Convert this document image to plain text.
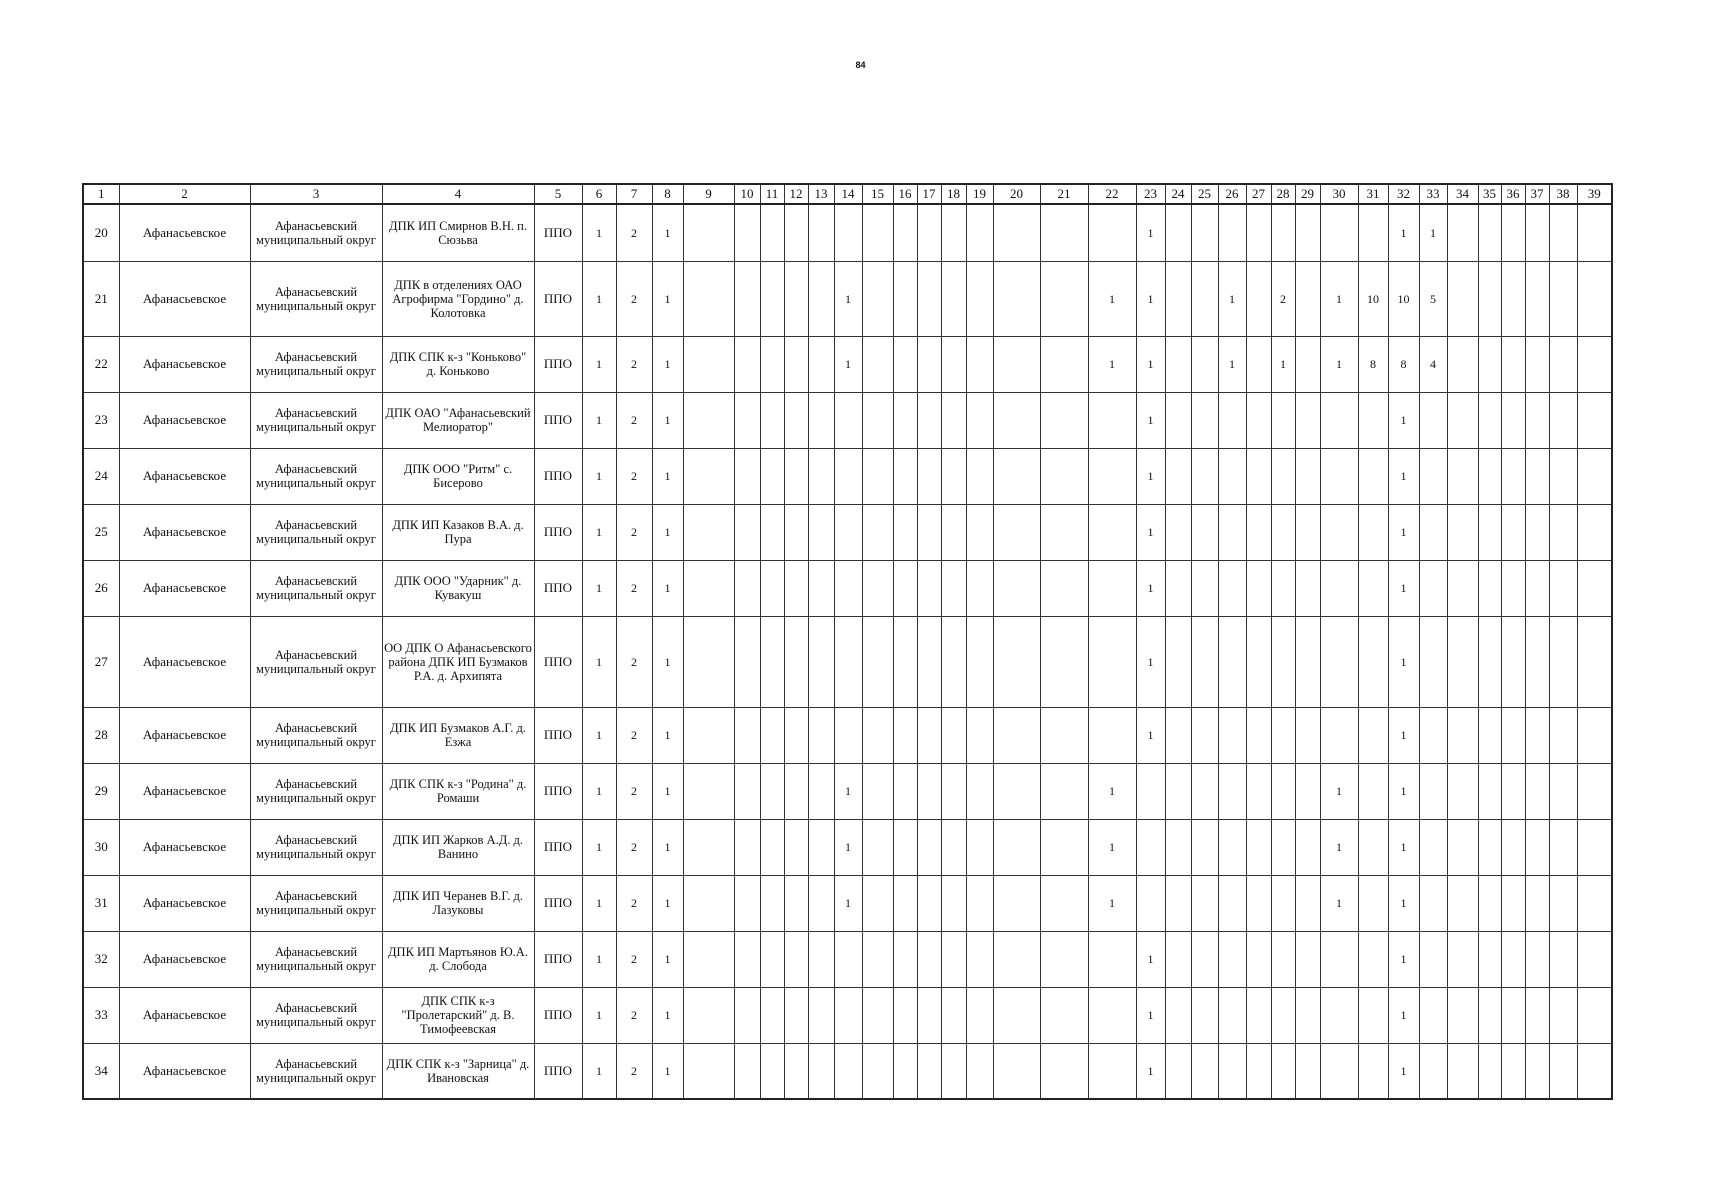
84
1	2	3	4	5	6	7	8	9	10	11	12	13	14	15	16	17	18	19	20	21	22	23	24	25	26	27	28	29	30	31	32	33	34	35	36	37	38	39
20	Афанасьевское	Афанасьевский муниципальный округ	ДПК ИП Смирнов В.Н. п. Сюзьва	ППО	1	2	1															1									1	1						
21	Афанасьевское	Афанасьевский муниципальный округ	ДПК в отделениях ОАО Агрофирма "Гордино" д. Колотовка	ППО	1	2	1						1								1	1			1		2		1	10	10	5						
22	Афанасьевское	Афанасьевский муниципальный округ	ДПК СПК к-з "Коньково" д. Коньково	ППО	1	2	1						1								1	1			1		1		1	8	8	4						
23	Афанасьевское	Афанасьевский муниципальный округ	ДПК ОАО "Афанасьевский Мелиоратор"	ППО	1	2	1															1									1							
24	Афанасьевское	Афанасьевский муниципальный округ	ДПК ООО "Ритм" с. Бисерово	ППО	1	2	1															1									1							
25	Афанасьевское	Афанасьевский муниципальный округ	ДПК ИП Казаков В.А. д. Пура	ППО	1	2	1															1									1							
26	Афанасьевское	Афанасьевский муниципальный округ	ДПК ООО "Ударник" д. Кувакуш	ППО	1	2	1															1									1							
27	Афанасьевское	Афанасьевский муниципальный округ	ОО ДПК О Афанасьевского района ДПК ИП Бузмаков Р.А. д. Архипята	ППО	1	2	1															1									1							
28	Афанасьевское	Афанасьевский муниципальный округ	ДПК ИП Бузмаков А.Г. д. Езжа	ППО	1	2	1															1									1							
29	Афанасьевское	Афанасьевский муниципальный округ	ДПК СПК к-з "Родина" д. Ромаши	ППО	1	2	1						1								1								1		1							
30	Афанасьевское	Афанасьевский муниципальный округ	ДПК ИП Жарков А.Д. д. Ванино	ППО	1	2	1						1								1								1		1							
31	Афанасьевское	Афанасьевский муниципальный округ	ДПК ИП Черанев В.Г. д. Лазуковы	ППО	1	2	1						1								1								1		1							
32	Афанасьевское	Афанасьевский муниципальный округ	ДПК ИП Мартьянов Ю.А. д. Слобода	ППО	1	2	1															1									1							
33	Афанасьевское	Афанасьевский муниципальный округ	ДПК СПК к-з "Пролетарский" д. В. Тимофеевская	ППО	1	2	1															1									1							
34	Афанасьевское	Афанасьевский муниципальный округ	ДПК СПК к-з "Зарница" д. Ивановская	ППО	1	2	1															1									1							
